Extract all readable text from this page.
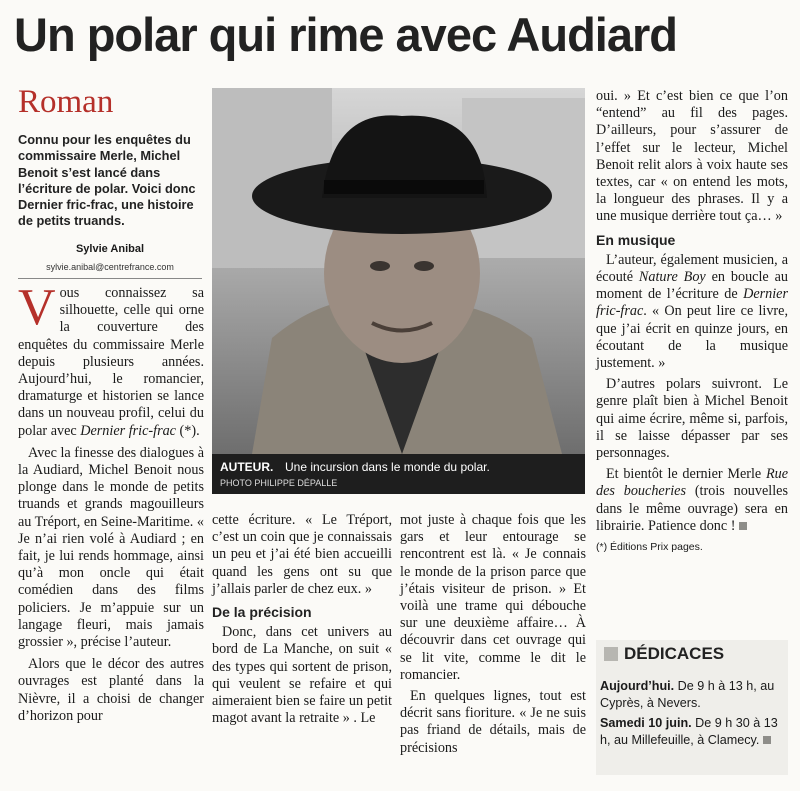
Un polar qui rime avec Audiard
Roman
Connu pour les enquêtes du commissaire Merle, Michel Benoit s’est lancé dans l’écriture de polar. Voici donc Dernier fric-frac, une histoire de petits truands.
Sylvie Anibal
sylvie.anibal@centrefrance.com

Vous connaissez sa silhouette, celle qui orne la couverture des enquêtes du commissaire Merle depuis plusieurs années. Aujourd’hui, le romancier, dramaturge et historien se lance dans un nouveau profil, celui du polar avec Dernier fric-frac (*).

Avec la finesse des dialogues à la Audiard, Michel Benoit nous plonge dans le monde de petits truands et grands magouilleurs au Tréport, en Seine-Maritime. « Je n’ai rien volé à Audiard ; en fait, je lui rends hommage, ainsi qu’à mon oncle qui était comédien dans des films policiers. Je m’appuie sur un langage fleuri, mais jamais grossier », précise l’auteur.

Alors que le décor des autres ouvrages est planté dans la Nièvre, il a choisi de changer d’horizon pour

AUTEUR. Une incursion dans le monde du polar.
PHOTO PHILIPPE DÉPALLE

cette écriture. « Le Tréport, c’est un coin que je connaissais un peu et j’ai été bien accueilli quand les gens ont su que j’allais parler de chez eux. »

De la précision

Donc, dans cet univers au bord de La Manche, on suit « des types qui sortent de prison, qui veulent se refaire et qui aimeraient bien se faire un petit magot avant la retraite » . Le

mot juste à chaque fois que les gars et leur entourage se rencontrent est là. « Je connais le monde de la prison parce que j’étais visiteur de prison. » Et voilà une trame qui débouche sur une deuxième affaire… À découvrir dans cet ouvrage qui se lit vite, comme le dit le romancier.

En quelques lignes, tout est décrit sans fioriture. « Je ne suis pas friand de détails, mais de précisions

oui. » Et c’est bien ce que l’on “entend” au fil des pages. D’ailleurs, pour s’assurer de l’effet sur le lecteur, Michel Benoit relit alors à voix haute ses textes, car « on entend les mots, la longueur des phrases. Il y a une musique derrière tout ça… »

En musique

L’auteur, également musicien, a écouté Nature Boy en boucle au moment de l’écriture de Dernier fric-frac. « On peut lire ce livre, que j’ai écrit en quinze jours, en écoutant de la musique justement. »

D’autres polars suivront. Le genre plaît bien à Michel Benoit qui aime écrire, même si, parfois, il se laisse dépasser par ses personnages.

Et bientôt le dernier Merle Rue des boucheries (trois nouvelles dans le même ouvrage) sera en librairie. Patience donc !

(*) Éditions Prix pages.
DÉDICACES

Aujourd’hui. De 9 h à 13 h, au Cyprès, à Nevers.

Samedi 10 juin. De 9 h 30 à 13 h, au Millefeuille, à Clamecy.
